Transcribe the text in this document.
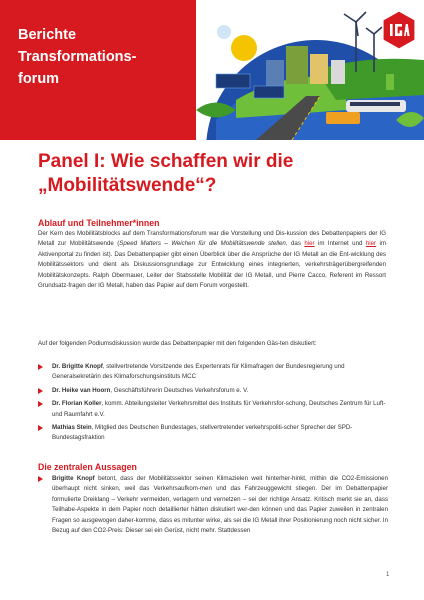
Berichte
Transformations-
forum
Panel I: Wie schaffen wir die
„Mobilitätswende“?
Ablauf und Teilnehmer*innen

Der Kern des Mobilitätsblocks auf dem Transformationsforum war die Vorstellung und Dis-kussion des Debattenpapiers der IG Metall zur Mobilitätswende (Speed Matters – Weichen für die Mobilitätswende stellen, das hier im Internet und hier im Aktivenportal zu finden ist). Das Debattenpapier gibt einen Überblick über die Ansprüche der IG Metall an die Ent-wicklung des Mobilitätssektors und dient als Diskussionsgrundlage zur Entwicklung eines integrierten, verkehrsträgerübergreifenden Mobilitätskonzepts. Ralph Obermauer, Leiter der Stabsstelle Mobilität der IG Metall, und Pierre Cacco, Referent im Ressort Grundsatz-fragen der IG Metall, haben das Papier auf dem Forum vorgestellt.

Auf der folgenden Podiumsdiskussion wurde das Debattenpapier mit den folgenden Gäs-ten diskutiert:

Dr. Brigitte Knopf, stellvertretende Vorsitzende des Expertenrats für Klimafragen der Bundesregierung und Generalsekretärin des Klimaforschungsinstituts MCC
Dr. Heike van Hoorn, Geschäftsführerin Deutsches Verkehrsforum e. V.
Dr. Florian Koller, komm. Abteilungsleiter Verkehrsmittel des Instituts für Verkehrsfor-schung, Deutsches Zentrum für Luft- und Raumfahrt e.V.
Mathias Stein, Mitglied des Deutschen Bundestages, stellvertretender verkehrspoliti-scher Sprecher der SPD-Bundestagsfraktion
Die zentralen Aussagen
Brigitte Knopf betont, dass der Mobilitätssektor seinen Klimazielen weit hinterher-hinkt, mithin die CO2-Emissionen überhaupt nicht sinken, weil das Verkehrsaufkom-men und das Fahrzeuggewicht stiegen. Der im Debattenpapier formulierte Dreiklang – Verkehr vermeiden, verlagern und vernetzen – sei der richtige Ansatz. Kritisch merkt sie an, dass Teilhabe-Aspekte in dem Papier noch detaillierter hätten diskutiert wer-den können und das Papier zuweilen in zentralen Fragen so ausgewogen daher-komme, dass es mitunter wirke, als sei die IG Metall ihrer Positionierung noch nicht sicher. In Bezug auf den CO2-Preis: Dieser sei ein Gerüst, nicht mehr. Stattdessen
1
